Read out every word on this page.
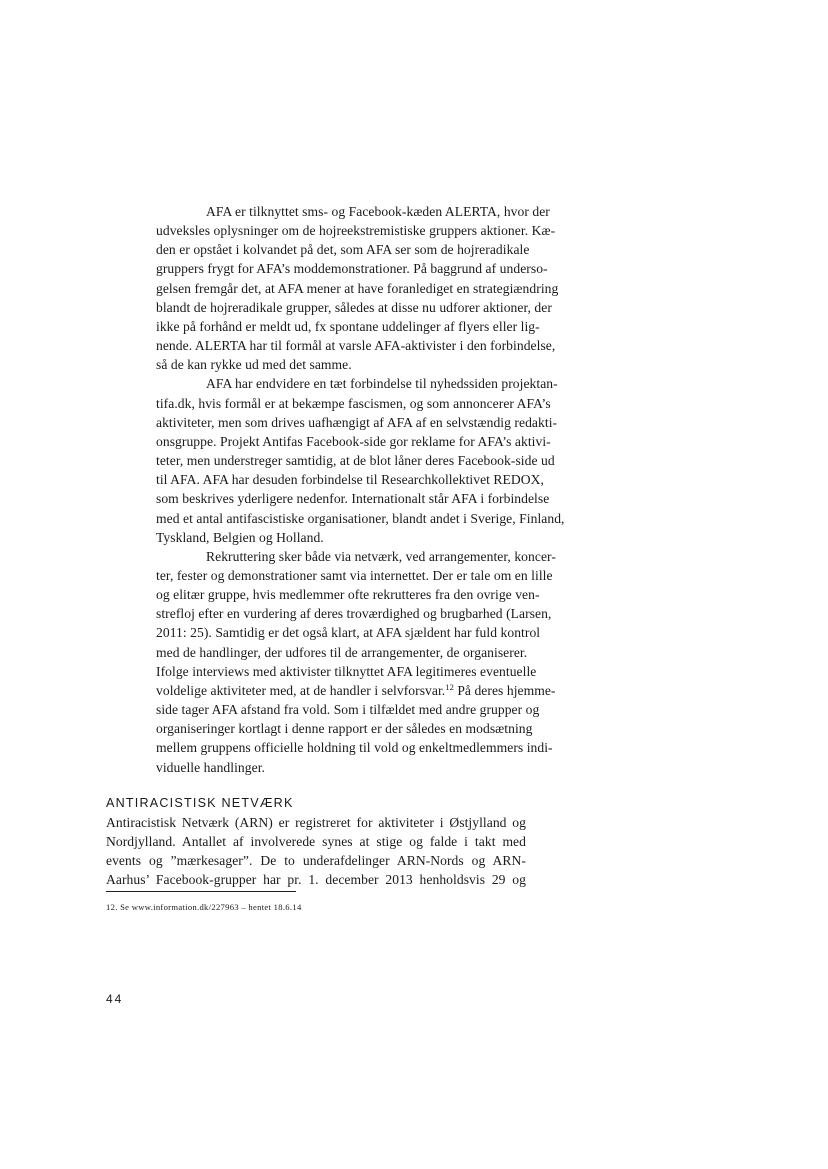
AFA er tilknyttet sms- og Facebook-kæden ALERTA, hvor der
udveksles oplysninger om de hojreekstremistiske gruppers aktioner. Kæ-
den er opstået i kolvandet på det, som AFA ser som de hojreradikale
gruppers frygt for AFA’s moddemonstrationer. På baggrund af underso-
gelsen fremgår det, at AFA mener at have foranlediget en strategiændring
blandt de hojreradikale grupper, således at disse nu udforer aktioner, der
ikke på forhånd er meldt ud, fx spontane uddelinger af flyers eller lig-
nende. ALERTA har til formål at varsle AFA-aktivister i den forbindelse,
så de kan rykke ud med det samme.

AFA har endvidere en tæt forbindelse til nyhedssiden projektan-
tifa.dk, hvis formål er at bekæmpe fascismen, og som annoncerer AFA’s
aktiviteter, men som drives uafhængigt af AFA af en selvstændig redakti-
onsgruppe. Projekt Antifas Facebook-side gor reklame for AFA’s aktivi-
teter, men understreger samtidig, at de blot låner deres Facebook-side ud
til AFA. AFA har desuden forbindelse til Researchkollektivet REDOX,
som beskrives yderligere nedenfor. Internationalt står AFA i forbindelse
med et antal antifascistiske organisationer, blandt andet i Sverige, Finland,
Tyskland, Belgien og Holland.

Rekruttering sker både via netværk, ved arrangementer, koncer-
ter, fester og demonstrationer samt via internettet. Der er tale om en lille
og elitær gruppe, hvis medlemmer ofte rekrutteres fra den ovrige ven-
strefloj efter en vurdering af deres troværdighed og brugbarhed (Larsen,
2011: 25). Samtidig er det også klart, at AFA sjældent har fuld kontrol
med de handlinger, der udfores til de arrangementer, de organiserer.
Ifolge interviews med aktivister tilknyttet AFA legitimeres eventuelle
voldelige aktiviteter med, at de handler i selvforsvar.$^{12}$ På deres hjemme-
side tager AFA afstand fra vold. Som i tilfældet med andre grupper og
organiseringer kortlagt i denne rapport er der således en modsætning
mellem gruppens officielle holdning til vold og enkeltmedlemmers indi-
viduelle handlinger.

ANTIRACISTISK NETVÆRK

Antiracistisk Netværk (ARN) er registreret for aktiviteter i Østjylland og
Nordjylland. Antallet af involverede synes at stige og falde i takt med
events og ”mærkesager”. De to underafdelinger ARN-Nords og ARN-
Aarhus’ Facebook-grupper har pr. 1. december 2013 henholdsvis 29 og

12. Se www.information.dk/227963 – hentet 18.6.14
44
